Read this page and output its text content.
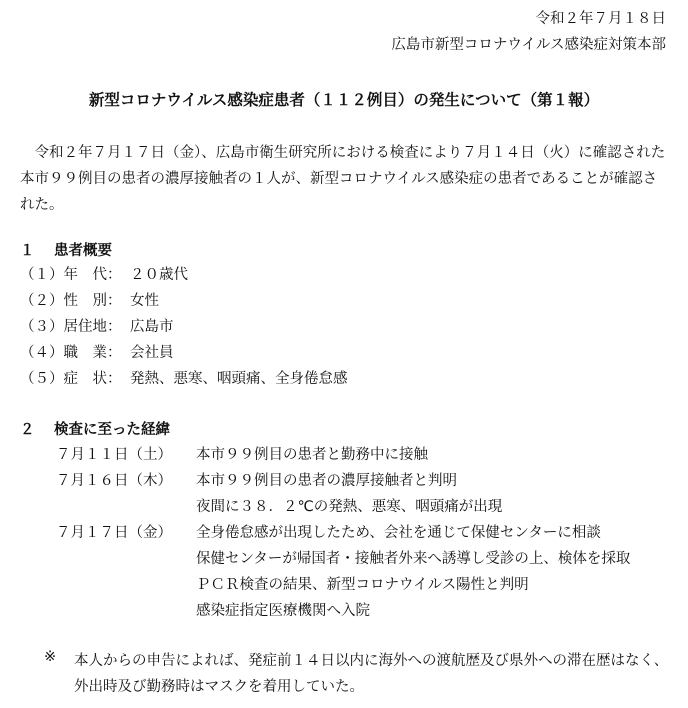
令和２年７月１８日
広島市新型コロナウイルス感染症対策本部
新型コロナウイルス感染症患者（１１２例目）の発生について（第１報）
令和２年７月１７日（金）、広島市衛生研究所における検査により７月１４日（火）に確認された本市９９例目の患者の濃厚接触者の１人が、新型コロナウイルス感染症の患者であることが確認された。
１ 患者概要
（１）年　代： ２０歳代
（２）性　別： 女性
（３）居住地： 広島市
（４）職　業： 会社員
（５）症　状： 発熱、悪寒、咽頭痛、全身倦怠感
２ 検査に至った経緯
７月１１日（土） 本市９９例目の患者と勤務中に接触
７月１６日（木） 本市９９例目の患者の濃厚接触者と判明
夜間に３８．２℃の発熱、悪寒、咽頭痛が出現
７月１７日（金） 全身倦怠感が出現したため、会社を通じて保健センターに相談
保健センターが帰国者・接触者外来へ誘導し受診の上、検体を採取
ＰＣＲ検査の結果、新型コロナウイルス陽性と判明
感染症指定医療機関へ入院
※ 本人からの申告によれば、発症前１４日以内に海外への渡航歴及び県外への滞在歴はなく、外出時及び勤務時はマスクを着用していた。
